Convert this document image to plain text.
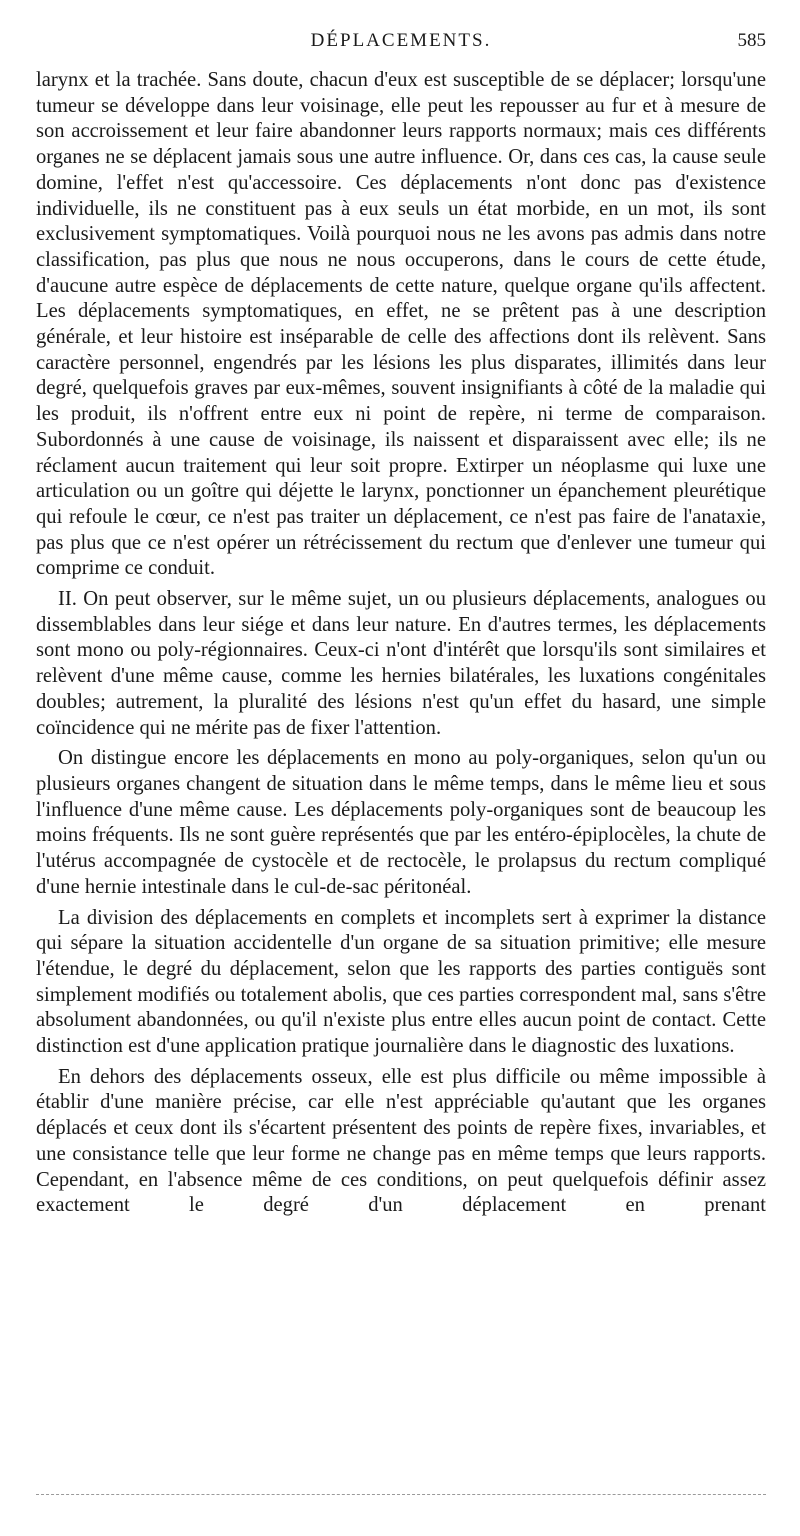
DÉPLACEMENTS.	585

larynx et la trachée. Sans doute, chacun d'eux est susceptible de se déplacer; lorsqu'une tumeur se développe dans leur voisinage, elle peut les repousser au fur et à mesure de son accroissement et leur faire abandonner leurs rapports normaux; mais ces différents organes ne se déplacent jamais sous une autre influence. Or, dans ces cas, la cause seule domine, l'effet n'est qu'accessoire. Ces déplacements n'ont donc pas d'existence individuelle, ils ne constituent pas à eux seuls un état morbide, en un mot, ils sont exclusivement symptomatiques. Voilà pourquoi nous ne les avons pas admis dans notre classification, pas plus que nous ne nous occuperons, dans le cours de cette étude, d'aucune autre espèce de déplacements de cette nature, quelque organe qu'ils affectent. Les déplacements symptomatiques, en effet, ne se prêtent pas à une description générale, et leur histoire est inséparable de celle des affections dont ils relèvent. Sans caractère personnel, engendrés par les lésions les plus disparates, illimités dans leur degré, quelquefois graves par eux-mêmes, souvent insignifiants à côté de la maladie qui les produit, ils n'offrent entre eux ni point de repère, ni terme de comparaison. Subordonnés à une cause de voisinage, ils naissent et disparaissent avec elle; ils ne réclament aucun traitement qui leur soit propre. Extirper un néoplasme qui luxe une articulation ou un goître qui déjette le larynx, ponctionner un épanchement pleurétique qui refoule le cœur, ce n'est pas traiter un déplacement, ce n'est pas faire de l'anataxie, pas plus que ce n'est opérer un rétrécissement du rectum que d'enlever une tumeur qui comprime ce conduit.

II. On peut observer, sur le même sujet, un ou plusieurs déplacements, analogues ou dissemblables dans leur siége et dans leur nature. En d'autres termes, les déplacements sont mono ou poly-régionnaires. Ceux-ci n'ont d'intérêt que lorsqu'ils sont similaires et relèvent d'une même cause, comme les hernies bilatérales, les luxations congénitales doubles; autrement, la pluralité des lésions n'est qu'un effet du hasard, une simple coïncidence qui ne mérite pas de fixer l'attention.

On distingue encore les déplacements en mono au poly-organiques, selon qu'un ou plusieurs organes changent de situation dans le même temps, dans le même lieu et sous l'influence d'une même cause. Les déplacements poly-organiques sont de beaucoup les moins fréquents. Ils ne sont guère représentés que par les entéro-épiplocèles, la chute de l'utérus accompagnée de cystocèle et de rectocèle, le prolapsus du rectum compliqué d'une hernie intestinale dans le cul-de-sac péritonéal.

La division des déplacements en complets et incomplets sert à exprimer la distance qui sépare la situation accidentelle d'un organe de sa situation primitive; elle mesure l'étendue, le degré du déplacement, selon que les rapports des parties contiguës sont simplement modifiés ou totalement abolis, que ces parties correspondent mal, sans s'être absolument abandonnées, ou qu'il n'existe plus entre elles aucun point de contact. Cette distinction est d'une application pratique journalière dans le diagnostic des luxations.

En dehors des déplacements osseux, elle est plus difficile ou même impossible à établir d'une manière précise, car elle n'est appréciable qu'autant que les organes déplacés et ceux dont ils s'écartent présentent des points de repère fixes, invariables, et une consistance telle que leur forme ne change pas en même temps que leurs rapports. Cependant, en l'absence même de ces conditions, on peut quelquefois définir assez exactement le degré d'un déplacement en prenant
